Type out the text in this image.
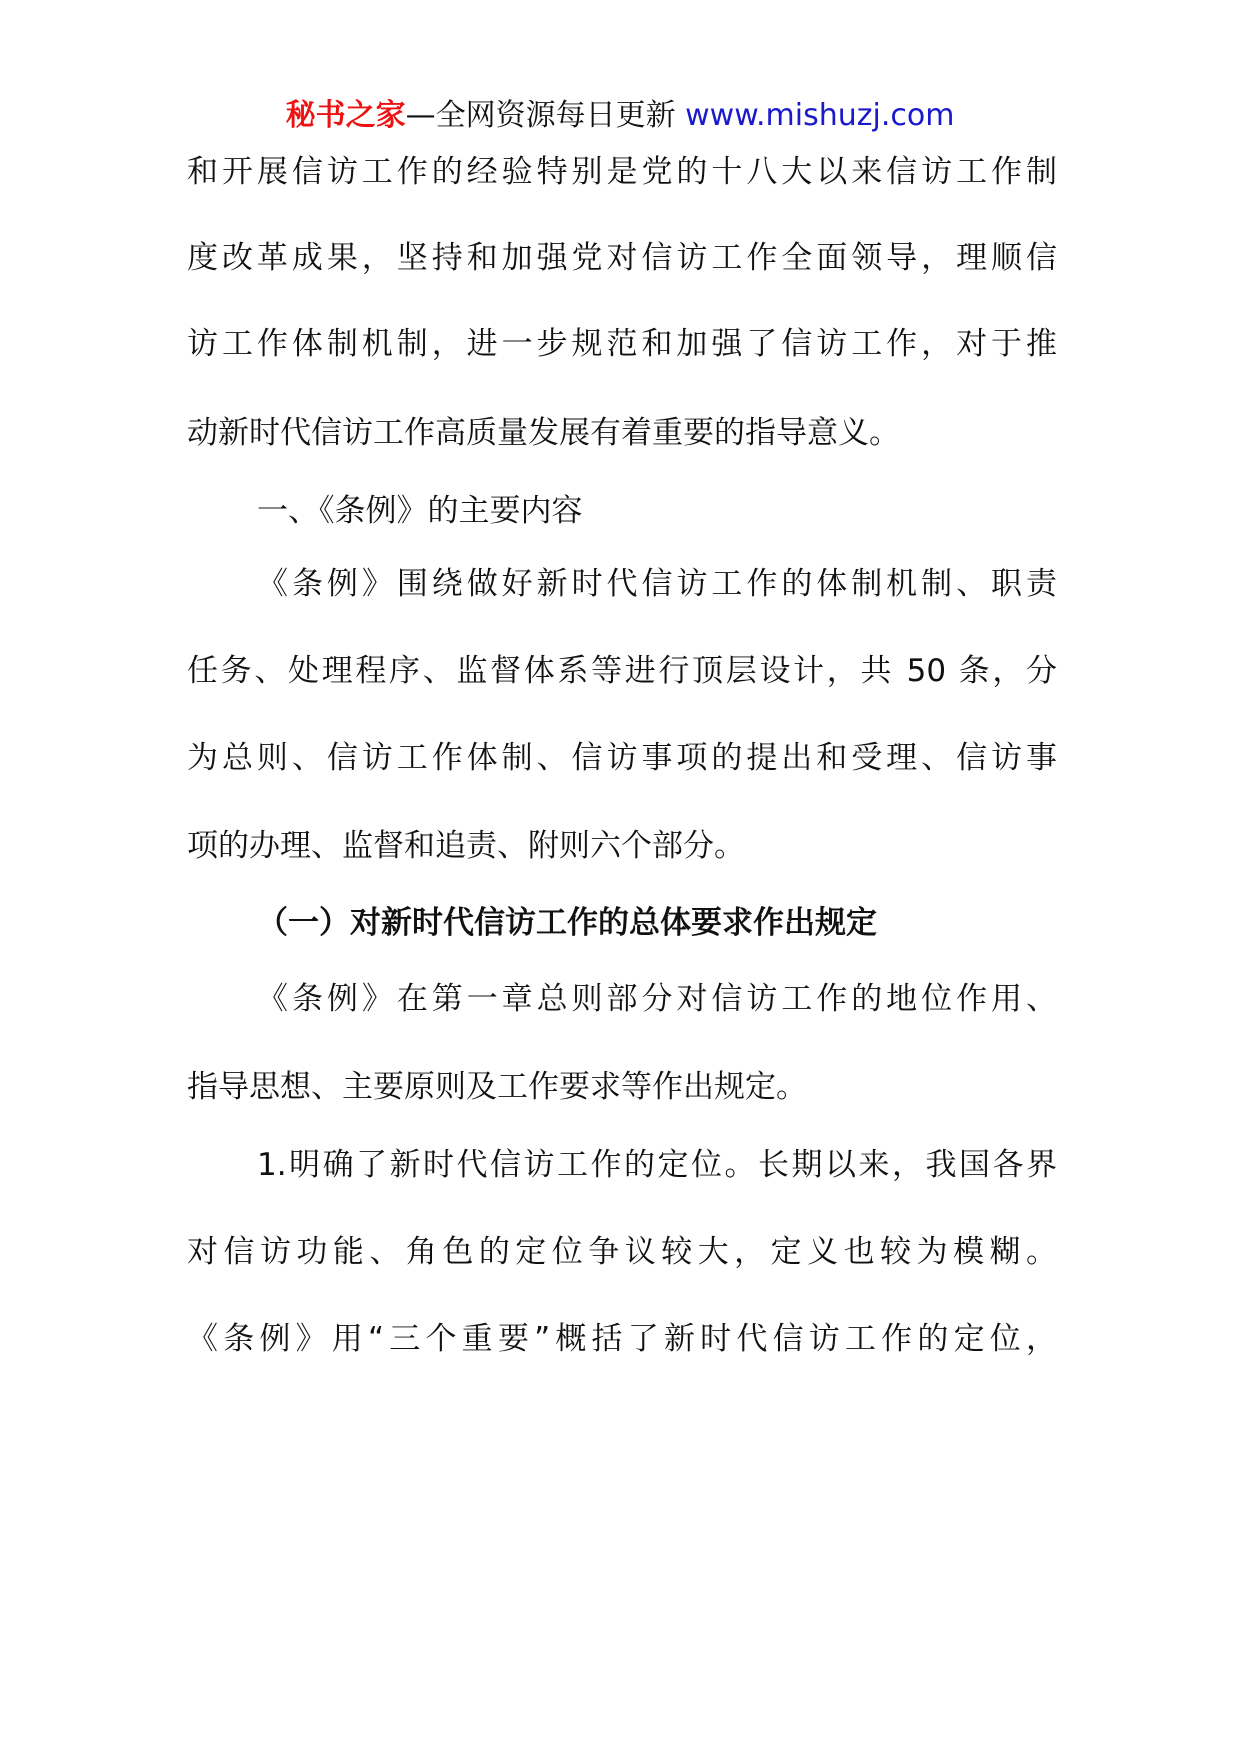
秘书之家—全网资源每日更新 www.mishuzj.com
和开展信访工作的经验特别是党的十八大以来信访工作制
度改革成果，坚持和加强党对信访工作全面领导，理顺信
访工作体制机制，进一步规范和加强了信访工作，对于推
动新时代信访工作高质量发展有着重要的指导意义。
一、《条例》的主要内容
《条例》围绕做好新时代信访工作的体制机制、职责
任务、处理程序、监督体系等进行顶层设计，共 50 条，分
为总则、信访工作体制、信访事项的提出和受理、信访事
项的办理、监督和追责、附则六个部分。
（一）对新时代信访工作的总体要求作出规定
《条例》在第一章总则部分对信访工作的地位作用、
指导思想、主要原则及工作要求等作出规定。
1.明确了新时代信访工作的定位。长期以来，我国各界
对信访功能、角色的定位争议较大，定义也较为模糊。
《条例》用“三个重要”概括了新时代信访工作的定位，
